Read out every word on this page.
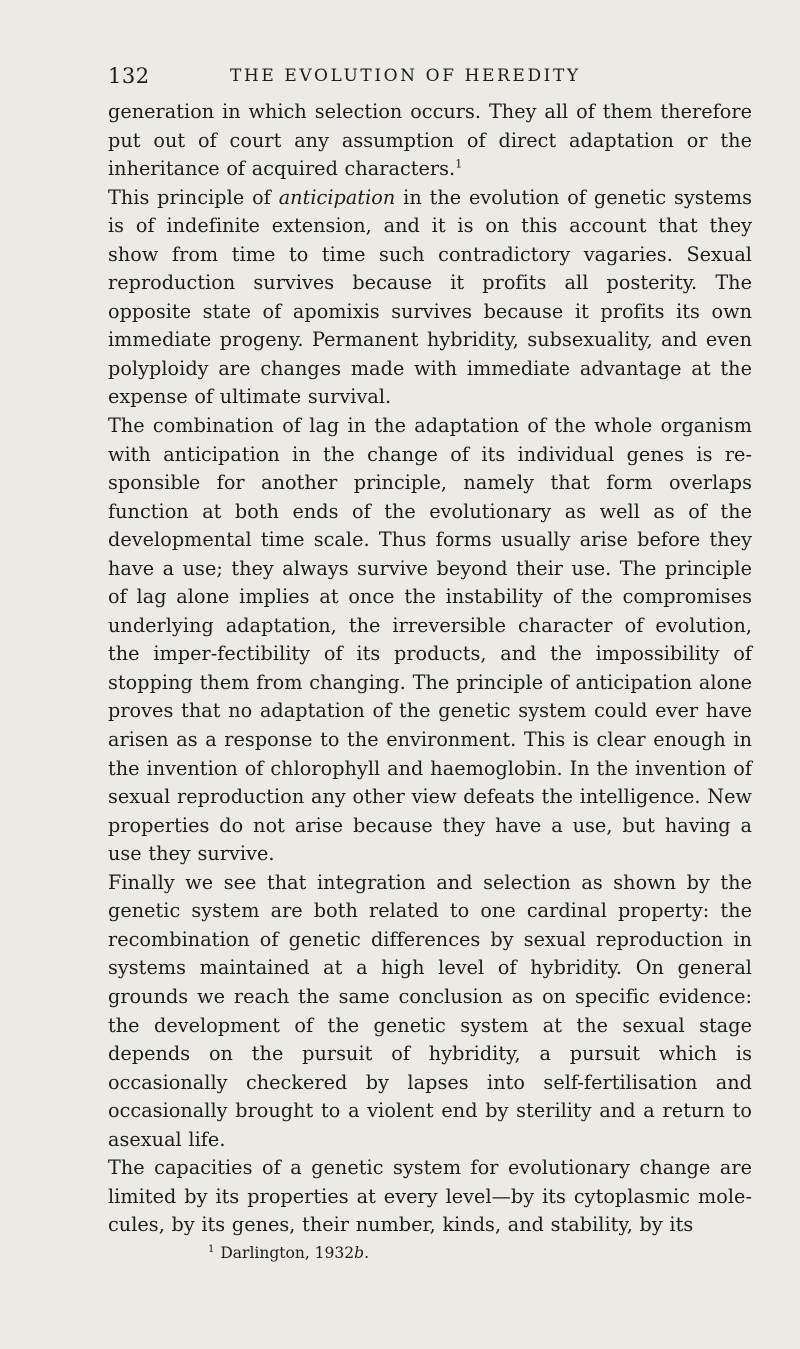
132	THE EVOLUTION OF HEREDITY

generation in which selection occurs. They all of them therefore put out of court any assumption of direct adaptation or the inheritance of acquired characters.$^1$

This principle of anticipation in the evolution of genetic systems is of indefinite extension, and it is on this account that they show from time to time such contradictory vagaries. Sexual reproduction survives because it profits all posterity. The opposite state of apomixis survives because it profits its own immediate progeny. Permanent hybridity, subsexuality, and even polyploidy are changes made with immediate advantage at the expense of ultimate survival.

The combination of lag in the adaptation of the whole organism with anticipation in the change of its individual genes is re-sponsible for another principle, namely that form overlaps function at both ends of the evolutionary as well as of the developmental time scale. Thus forms usually arise before they have a use; they always survive beyond their use. The principle of lag alone implies at once the instability of the compromises underlying adaptation, the irreversible character of evolution, the imper-fectibility of its products, and the impossibility of stopping them from changing. The principle of anticipation alone proves that no adaptation of the genetic system could ever have arisen as a response to the environment. This is clear enough in the invention of chlorophyll and haemoglobin. In the invention of sexual reproduction any other view defeats the intelligence. New properties do not arise because they have a use, but having a use they survive.

Finally we see that integration and selection as shown by the genetic system are both related to one cardinal property: the recombination of genetic differences by sexual reproduction in systems maintained at a high level of hybridity. On general grounds we reach the same conclusion as on specific evidence: the development of the genetic system at the sexual stage depends on the pursuit of hybridity, a pursuit which is occasionally checkered by lapses into self-fertilisation and occasionally brought to a violent end by sterility and a return to asexual life.

The capacities of a genetic system for evolutionary change are limited by its properties at every level—by its cytoplasmic mole-cules, by its genes, their number, kinds, and stability, by its

$^1$ Darlington, 1932b.
